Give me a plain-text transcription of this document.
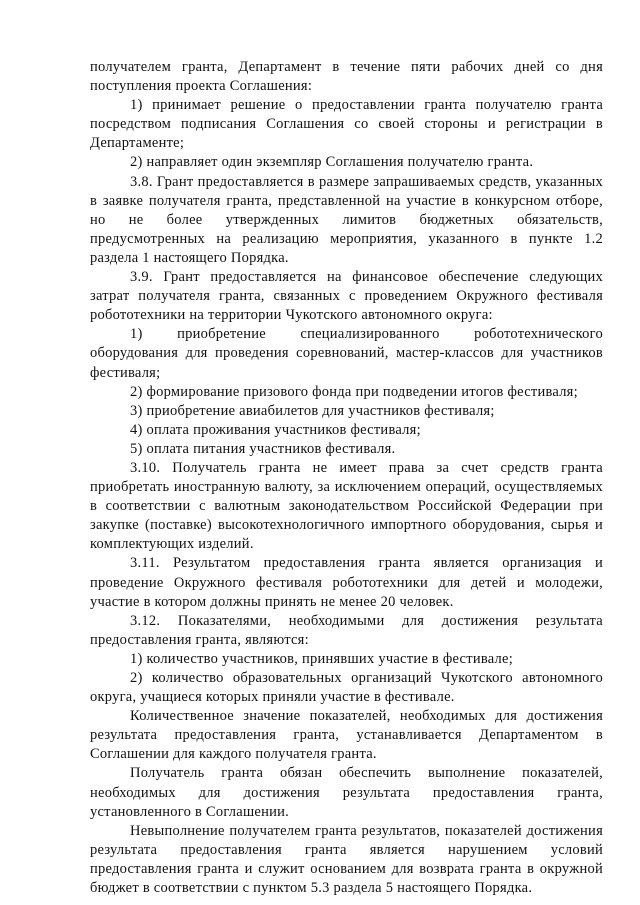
получателем гранта, Департамент в течение пяти рабочих дней со дня поступления проекта Соглашения:

1) принимает решение о предоставлении гранта получателю гранта посредством подписания Соглашения со своей стороны и регистрации в Департаменте;

2) направляет один экземпляр Соглашения получателю гранта.

3.8. Грант предоставляется в размере запрашиваемых средств, указанных в заявке получателя гранта, представленной на участие в конкурсном отборе, но не более утвержденных лимитов бюджетных обязательств, предусмотренных на реализацию мероприятия, указанного в пункте 1.2 раздела 1 настоящего Порядка.

3.9. Грант предоставляется на финансовое обеспечение следующих затрат получателя гранта, связанных с проведением Окружного фестиваля робототехники на территории Чукотского автономного округа:

1) приобретение специализированного робототехнического оборудования для проведения соревнований, мастер-классов для участников фестиваля;

2) формирование призового фонда при подведении итогов фестиваля;

3) приобретение авиабилетов для участников фестиваля;

4) оплата проживания участников фестиваля;

5) оплата питания участников фестиваля.

3.10. Получатель гранта не имеет права за счет средств гранта приобретать иностранную валюту, за исключением операций, осуществляемых в соответствии с валютным законодательством Российской Федерации при закупке (поставке) высокотехнологичного импортного оборудования, сырья и комплектующих изделий.

3.11. Результатом предоставления гранта является организация и проведение Окружного фестиваля робототехники для детей и молодежи, участие в котором должны принять не менее 20 человек.

3.12. Показателями, необходимыми для достижения результата предоставления гранта, являются:

1) количество участников, принявших участие в фестивале;

2) количество образовательных организаций Чукотского автономного округа, учащиеся которых приняли участие в фестивале.

Количественное значение показателей, необходимых для достижения результата предоставления гранта, устанавливается Департаментом в Соглашении для каждого получателя гранта.

Получатель гранта обязан обеспечить выполнение показателей, необходимых для достижения результата предоставления гранта, установленного в Соглашении.

Невыполнение получателем гранта результатов, показателей достижения результата предоставления гранта является нарушением условий предоставления гранта и служит основанием для возврата гранта в окружной бюджет в соответствии с пунктом 5.3 раздела 5 настоящего Порядка.
